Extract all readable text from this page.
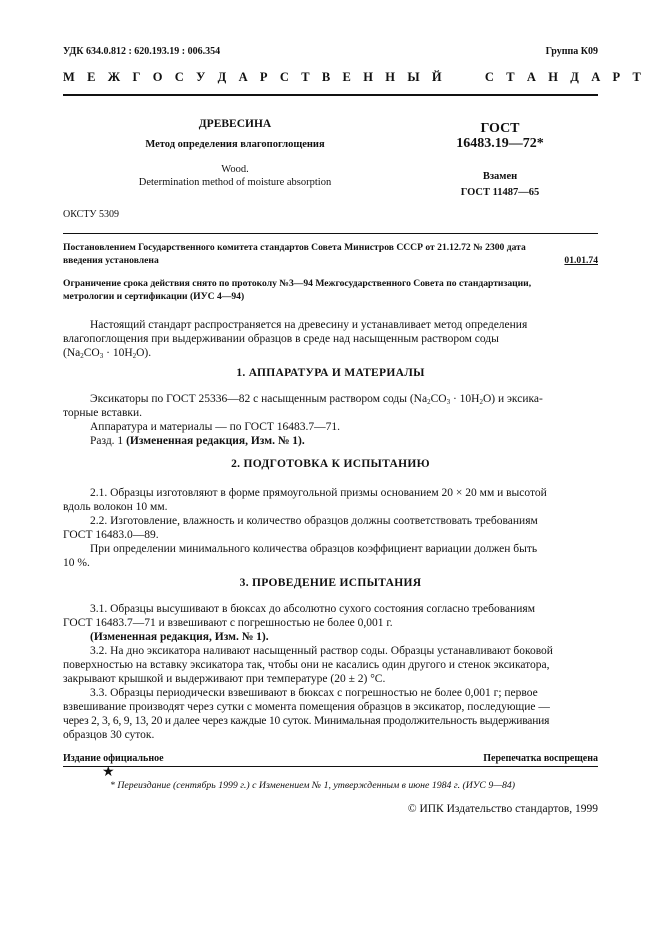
УДК 634.0.812 : 620.193.19 : 006.354	Группа К09
М Е Ж Г О С У Д А Р С Т В Е Н Н Ы Й     С Т А Н Д А Р Т
ДРЕВЕСИНА
Метод определения влагопоглощения
Wood.
Determination method of moisture absorption
ГОСТ
16483.19—72*
Взамен
ГОСТ 11487—65
ОКСТУ 5309
Постановлением Государственного комитета стандартов Совета Министров СССР от 21.12.72 № 2300 дата
введения установлена	01.01.74
Ограничение срока действия снято по протоколу №3—94 Межгосударственного Совета по стандартизации,
метрологии и сертификации (ИУС 4—94)
Настоящий стандарт распространяется на древесину и устанавливает метод определения
влагопоглощения при выдерживании образцов в среде над насыщенным раствором соды
$(Na_2CO_3 \cdot 10H_2O)$.
1. АППАРАТУРА И МАТЕРИАЛЫ
Эксикаторы по ГОСТ 25336—82 с насыщенным раствором соды $(Na_2CO_3 \cdot 10H_2O)$ и эксика-
торные вставки.
Аппаратура и материалы — по ГОСТ 16483.7—71.
Разд. 1 (Измененная редакция, Изм. № 1).
2. ПОДГОТОВКА К ИСПЫТАНИЮ
2.1. Образцы изготовляют в форме прямоугольной призмы основанием 20 × 20 мм и высотой
вдоль волокон 10 мм.
2.2. Изготовление, влажность и количество образцов должны соответствовать требованиям
ГОСТ 16483.0—89.
При определении минимального количества образцов коэффициент вариации должен быть
10 %.
3. ПРОВЕДЕНИЕ ИСПЫТАНИЯ
3.1. Образцы высушивают в бюксах до абсолютно сухого состояния согласно требованиям
ГОСТ 16483.7—71 и взвешивают с погрешностью не более 0,001 г.
(Измененная редакция, Изм. № 1).
3.2. На дно эксикатора наливают насыщенный раствор соды. Образцы устанавливают боковой
поверхностью на вставку эксикатора так, чтобы они не касались один другого и стенок эксикатора,
закрывают крышкой и выдерживают при температуре (20 ± 2) °С.
3.3. Образцы периодически взвешивают в бюксах с погрешностью не более 0,001 г; первое
взвешивание производят через сутки с момента помещения образцов в эксикатор, последующие —
через 2, 3, 6, 9, 13, 20 и далее через каждые 10 суток. Минимальная продолжительность выдерживания
образцов 30 суток.
Издание официальное	Перепечатка воспрещена
★
* Переиздание (сентябрь 1999 г.) с Изменением № 1, утвержденным в июне 1984 г. (ИУС 9—84)
© ИПК Издательство стандартов, 1999
